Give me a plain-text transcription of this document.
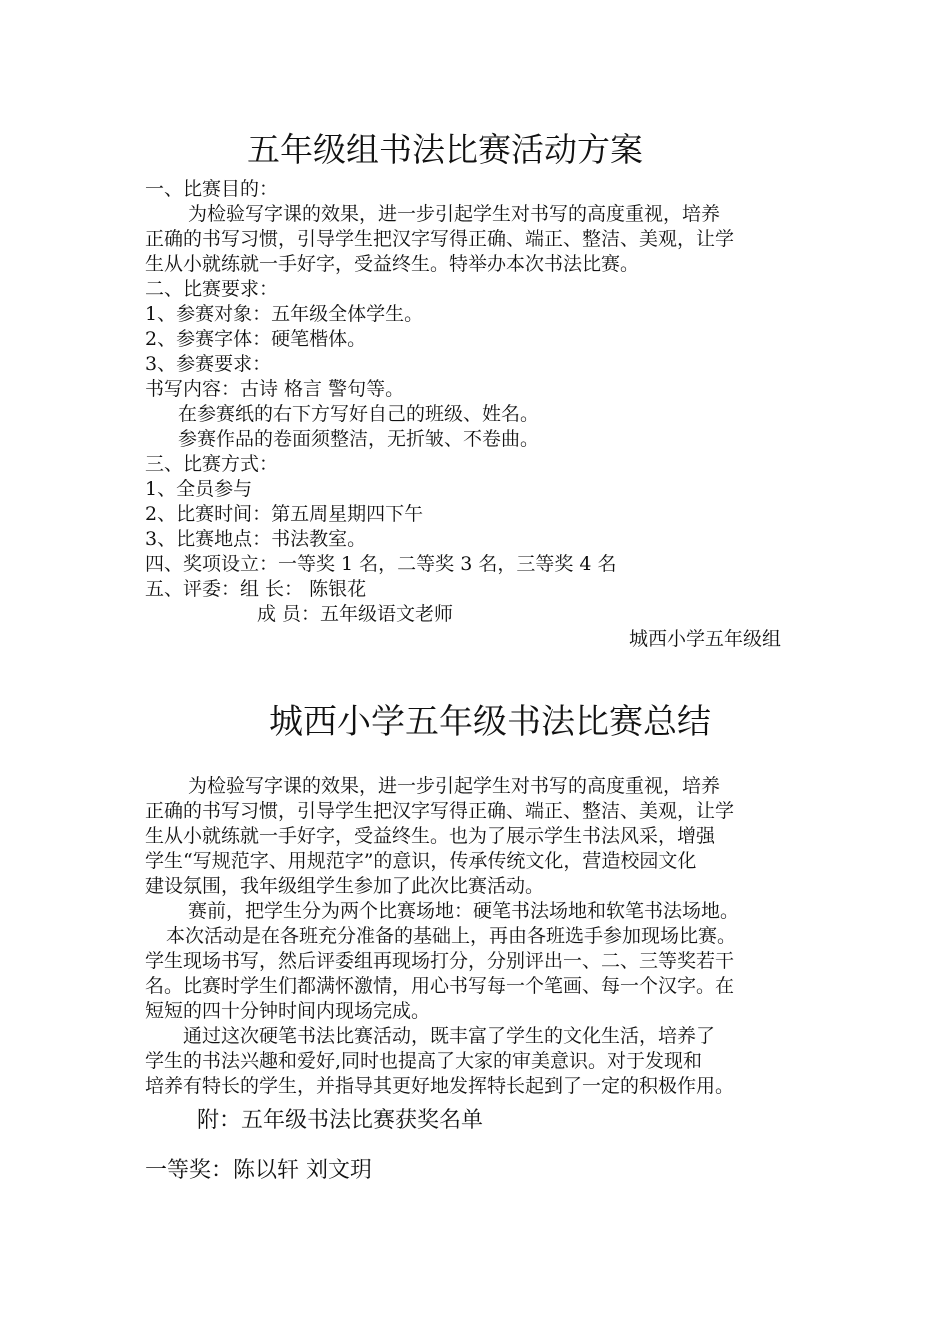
五年级组书法比赛活动方案
一、比赛目的：
为检验写字课的效果，进一步引起学生对书写的高度重视，培养
正确的书写习惯，引导学生把汉字写得正确、端正、整洁、美观，让学
生从小就练就一手好字，受益终生。特举办本次书法比赛。
二、比赛要求：
1、参赛对象：五年级全体学生。
2、参赛字体：硬笔楷体。
3、参赛要求：
书写内容：古诗 格言 警句等。
在参赛纸的右下方写好自己的班级、姓名。
参赛作品的卷面须整洁，无折皱、不卷曲。
三、比赛方式：
1、全员参与
2、比赛时间：第五周星期四下午
3、比赛地点：书法教室。
四、奖项设立：一等奖 1 名，二等奖 3 名，三等奖 4 名
五、评委：组 长： 陈银花
成 员：五年级语文老师
城西小学五年级组
城西小学五年级书法比赛总结
为检验写字课的效果，进一步引起学生对书写的高度重视，培养
正确的书写习惯，引导学生把汉字写得正确、端正、整洁、美观，让学
生从小就练就一手好字，受益终生。也为了展示学生书法风采，增强
学生“写规范字、用规范字”的意识，传承传统文化，营造校园文化
建设氛围，我年级组学生参加了此次比赛活动。
赛前，把学生分为两个比赛场地：硬笔书法场地和软笔书法场地。
本次活动是在各班充分准备的基础上，再由各班选手参加现场比赛。
学生现场书写，然后评委组再现场打分，分别评出一、二、三等奖若干
名。比赛时学生们都满怀激情，用心书写每一个笔画、每一个汉字。在
短短的四十分钟时间内现场完成。
通过这次硬笔书法比赛活动，既丰富了学生的文化生活，培养了
学生的书法兴趣和爱好,同时也提高了大家的审美意识。对于发现和
培养有特长的学生，并指导其更好地发挥特长起到了一定的积极作用。
附：五年级书法比赛获奖名单
一等奖：陈以轩 刘文玥
